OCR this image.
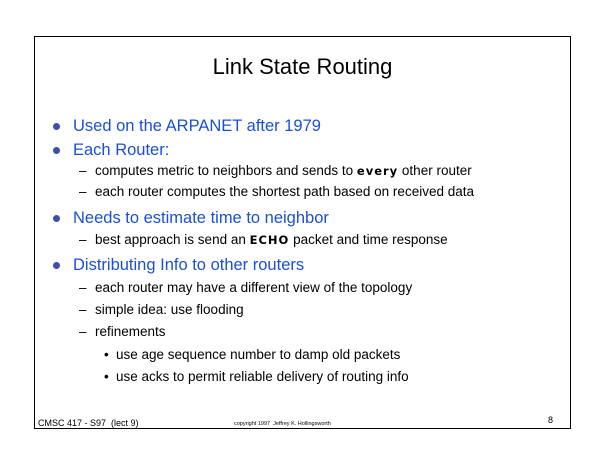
Link State Routing
Used on the ARPANET after 1979
Each Router:
– computes metric to neighbors and sends to every other router
– each router computes the shortest path based on received data
Needs to estimate time to neighbor
– best approach is send an ECHO packet and time response
Distributing Info to other routers
– each router may have a different view of the topology
– simple idea: use flooding
– refinements
• use age sequence number to damp old packets
• use acks to permit reliable delivery of routing info
CMSC 417 - S97  (lect 9)	copyright 1997  Jeffrey K. Hollingsworth	8
